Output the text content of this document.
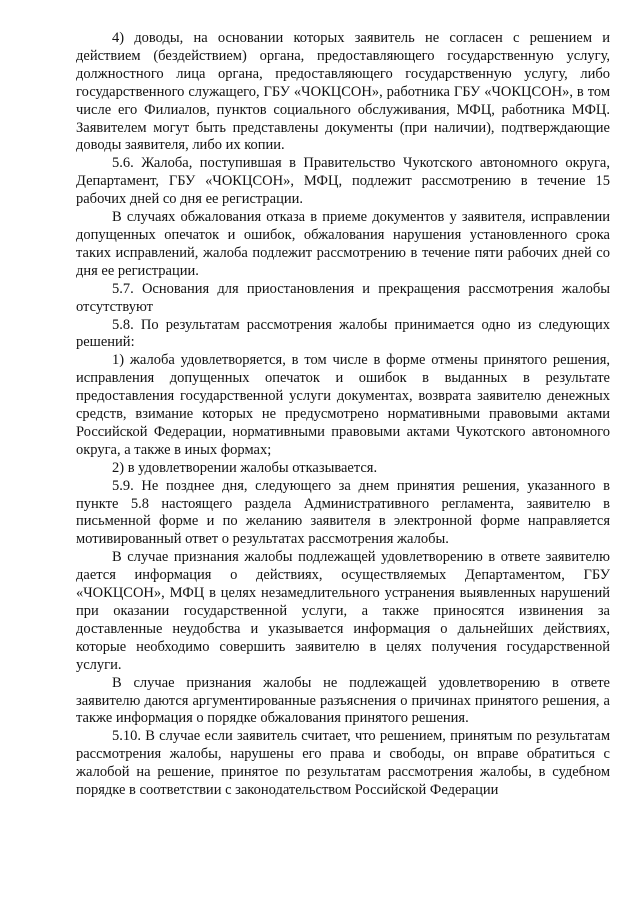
4) доводы, на основании которых заявитель не согласен с решением и действием (бездействием) органа, предоставляющего государственную услугу, должностного лица органа, предоставляющего государственную услугу, либо государственного служащего, ГБУ «ЧОКЦСОН», работника ГБУ «ЧОКЦСОН», в том числе его Филиалов, пунктов социального обслуживания, МФЦ, работника МФЦ. Заявителем могут быть представлены документы (при наличии), подтверждающие доводы заявителя, либо их копии.

5.6. Жалоба, поступившая в Правительство Чукотского автономного округа, Департамент, ГБУ «ЧОКЦСОН», МФЦ, подлежит рассмотрению в течение 15 рабочих дней со дня ее регистрации.

В случаях обжалования отказа в приеме документов у заявителя, исправлении допущенных опечаток и ошибок, обжалования нарушения установленного срока таких исправлений, жалоба подлежит рассмотрению в течение пяти рабочих дней со дня ее регистрации.

5.7. Основания для приостановления и прекращения рассмотрения жалобы отсутствуют

5.8. По результатам рассмотрения жалобы принимается одно из следующих решений:

1) жалоба удовлетворяется, в том числе в форме отмены принятого решения, исправления допущенных опечаток и ошибок в выданных в результате предоставления государственной услуги документах, возврата заявителю денежных средств, взимание которых не предусмотрено нормативными правовыми актами Российской Федерации, нормативными правовыми актами Чукотского автономного округа, а также в иных формах;

2) в удовлетворении жалобы отказывается.

5.9. Не позднее дня, следующего за днем принятия решения, указанного в пункте 5.8 настоящего раздела Административного регламента, заявителю в письменной форме и по желанию заявителя в электронной форме направляется мотивированный ответ о результатах рассмотрения жалобы.

В случае признания жалобы подлежащей удовлетворению в ответе заявителю дается информация о действиях, осуществляемых Департаментом, ГБУ «ЧОКЦСОН», МФЦ в целях незамедлительного устранения выявленных нарушений при оказании государственной услуги, а также приносятся извинения за доставленные неудобства и указывается информация о дальнейших действиях, которые необходимо совершить заявителю в целях получения государственной услуги.

В случае признания жалобы не подлежащей удовлетворению в ответе заявителю даются аргументированные разъяснения о причинах принятого решения, а также информация о порядке обжалования принятого решения.

5.10. В случае если заявитель считает, что решением, принятым по результатам рассмотрения жалобы, нарушены его права и свободы, он вправе обратиться с жалобой на решение, принятое по результатам рассмотрения жалобы, в судебном порядке в соответствии с законодательством Российской Федерации
